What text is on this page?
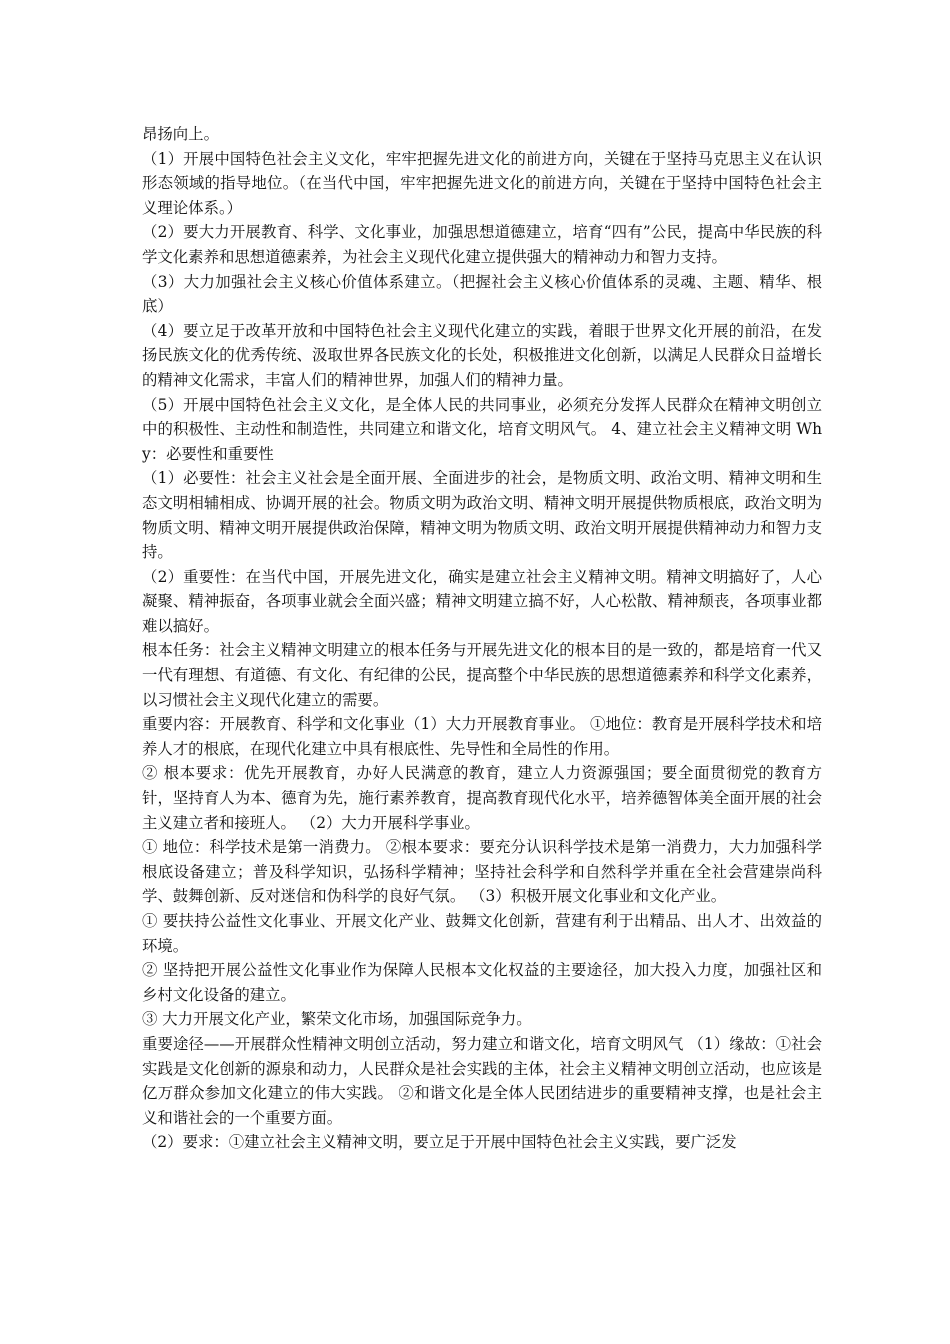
昂扬向上。

（1）开展中国特色社会主义文化，牢牢把握先进文化的前进方向，关键在于坚持马克思主义在认识形态领域的指导地位。（在当代中国，牢牢把握先进文化的前进方向，关键在于坚持中国特色社会主义理论体系。）

（2）要大力开展教育、科学、文化事业，加强思想道德建立，培育“四有”公民，提高中华民族的科学文化素养和思想道德素养，为社会主义现代化建立提供强大的精神动力和智力支持。

（3）大力加强社会主义核心价值体系建立。（把握社会主义核心价值体系的灵魂、主题、精华、根底）

（4）要立足于改革开放和中国特色社会主义现代化建立的实践，着眼于世界文化开展的前沿，在发扬民族文化的优秀传统、汲取世界各民族文化的长处，积极推进文化创新，以满足人民群众日益增长的精神文化需求，丰富人们的精神世界，加强人们的精神力量。

（5）开展中国特色社会主义文化，是全体人民的共同事业，必须充分发挥人民群众在精神文明创立中的积极性、主动性和制造性，共同建立和谐文化，培育文明风气。 4、建立社会主义精神文明 Why：必要性和重要性

（1）必要性：社会主义社会是全面开展、全面进步的社会，是物质文明、政治文明、精神文明和生态文明相辅相成、协调开展的社会。物质文明为政治文明、精神文明开展提供物质根底，政治文明为物质文明、精神文明开展提供政治保障，精神文明为物质文明、政治文明开展提供精神动力和智力支持。

（2）重要性：在当代中国，开展先进文化，确实是建立社会主义精神文明。精神文明搞好了，人心凝聚、精神振奋，各项事业就会全面兴盛；精神文明建立搞不好，人心松散、精神颓丧，各项事业都难以搞好。

根本任务：社会主义精神文明建立的根本任务与开展先进文化的根本目的是一致的，都是培育一代又一代有理想、有道德、有文化、有纪律的公民，提高整个中华民族的思想道德素养和科学文化素养，以习惯社会主义现代化建立的需要。

重要内容：开展教育、科学和文化事业（1）大力开展教育事业。 ①地位：教育是开展科学技术和培养人才的根底，在现代化建立中具有根底性、先导性和全局性的作用。

② 根本要求：优先开展教育，办好人民满意的教育，建立人力资源强国；要全面贯彻党的教育方针，坚持育人为本、德育为先，施行素养教育，提高教育现代化水平，培养德智体美全面开展的社会主义建立者和接班人。 （2）大力开展科学事业。

① 地位：科学技术是第一消费力。 ②根本要求：要充分认识科学技术是第一消费力，大力加强科学根底设备建立；普及科学知识，弘扬科学精神；坚持社会科学和自然科学并重在全社会营建崇尚科学、鼓舞创新、反对迷信和伪科学的良好气氛。 （3）积极开展文化事业和文化产业。

① 要扶持公益性文化事业、开展文化产业、鼓舞文化创新，营建有利于出精品、出人才、出效益的环境。

② 坚持把开展公益性文化事业作为保障人民根本文化权益的主要途径，加大投入力度，加强社区和乡村文化设备的建立。

③ 大力开展文化产业，繁荣文化市场，加强国际竞争力。

重要途径——开展群众性精神文明创立活动，努力建立和谐文化，培育文明风气 （1）缘故：①社会实践是文化创新的源泉和动力，人民群众是社会实践的主体，社会主义精神文明创立活动，也应该是亿万群众参加文化建立的伟大实践。 ②和谐文化是全体人民团结进步的重要精神支撑，也是社会主义和谐社会的一个重要方面。

（2）要求：①建立社会主义精神文明，要立足于开展中国特色社会主义实践，要广泛发
